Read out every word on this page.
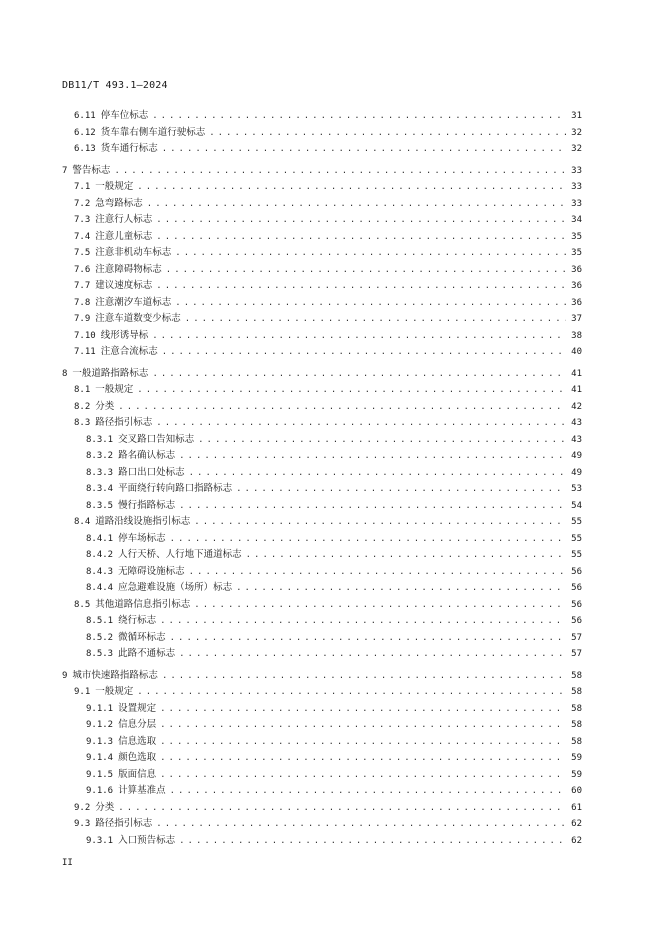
DB11/T 493.1—2024
6.11 停车位标志 .....	31
6.12 货车靠右侧车道行驶标志 .....	32
6.13 货车通行标志 .....	32
7 警告标志 .....	33
7.1 一般规定 .....	33
7.2 急弯路标志 .....	33
7.3 注意行人标志 .....	34
7.4 注意儿童标志 .....	35
7.5 注意非机动车标志 .....	35
7.6 注意障碍物标志 .....	36
7.7 建议速度标志 .....	36
7.8 注意潮汐车道标志 .....	36
7.9 注意车道数变少标志 .....	37
7.10 线形诱导标 .....	38
7.11 注意合流标志 .....	40
8 一般道路指路标志 .....	41
8.1 一般规定 .....	41
8.2 分类 .....	42
8.3 路径指引标志 .....	43
8.3.1 交叉路口告知标志 .....	43
8.3.2 路名确认标志 .....	49
8.3.3 路口出口处标志 .....	49
8.3.4 平面绕行转向路口指路标志 .....	53
8.3.5 慢行指路标志 .....	54
8.4 道路沿线设施指引标志 .....	55
8.4.1 停车场标志 .....	55
8.4.2 人行天桥、人行地下通道标志 .....	55
8.4.3 无障碍设施标志 .....	56
8.4.4 应急避难设施（场所）标志 .....	56
8.5 其他道路信息指引标志 .....	56
8.5.1 绕行标志 .....	56
8.5.2 微循环标志 .....	57
8.5.3 此路不通标志 .....	57
9 城市快速路指路标志 .....	58
9.1 一般规定 .....	58
9.1.1 设置规定 .....	58
9.1.2 信息分层 .....	58
9.1.3 信息选取 .....	58
9.1.4 颜色选取 .....	59
9.1.5 版面信息 .....	59
9.1.6 计算基准点 .....	60
9.2 分类 .....	61
9.3 路径指引标志 .....	62
9.3.1 入口预告标志 .....	62
II
